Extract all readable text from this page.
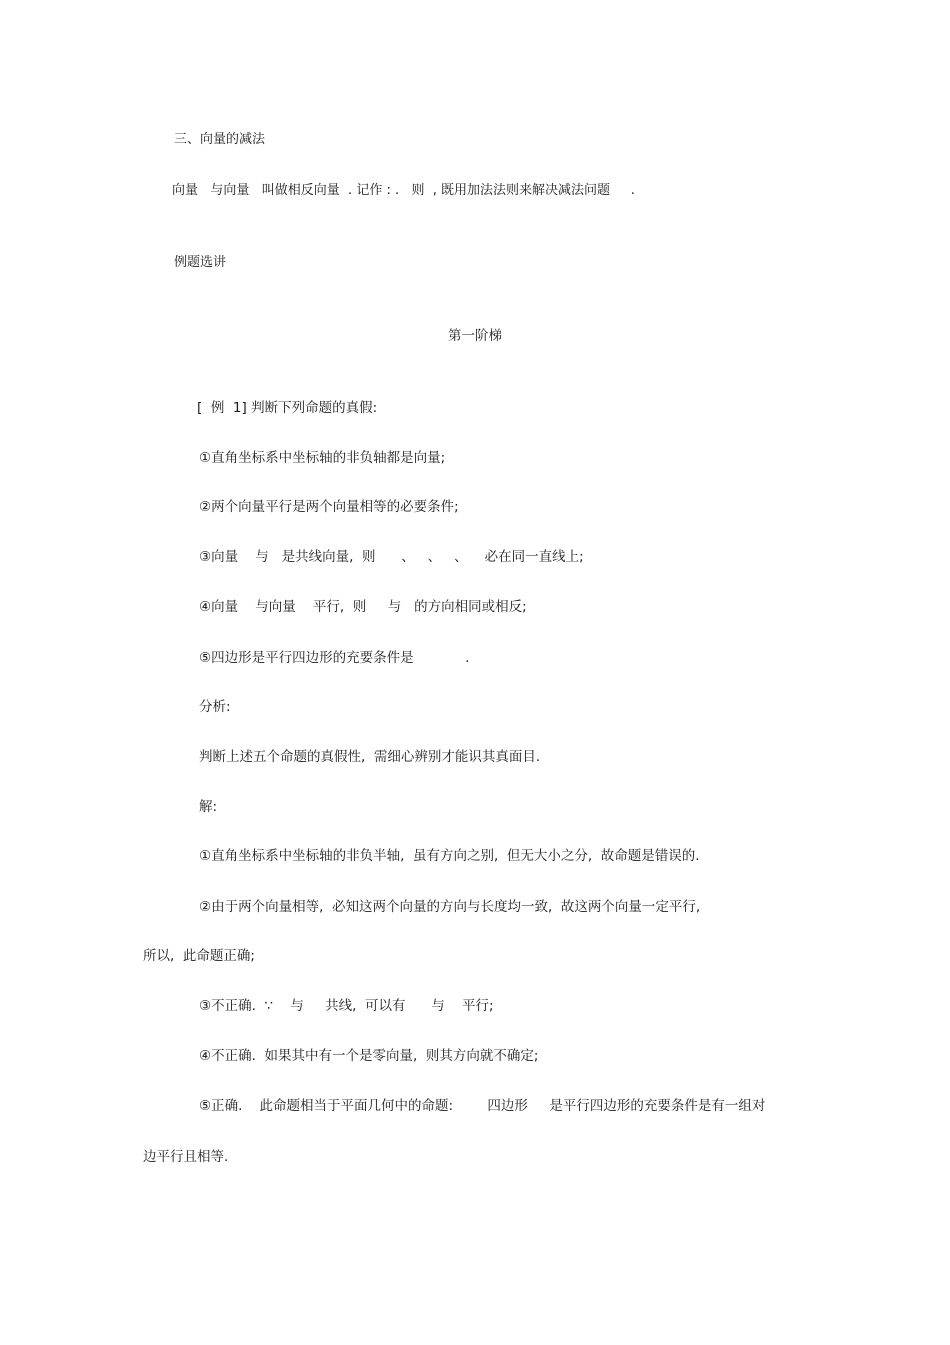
三、向量的减法
向量   与向量   叫做相反向量  . 记作 : .   则  , 既用加法法则来解决减法问题     .
例题选讲
第一阶梯
[  例  1] 判断下列命题的真假:
①直角坐标系中坐标轴的非负轴都是向量;
②两个向量平行是两个向量相等的必要条件;
③向量    与   是共线向量,  则      、   、   、    必在同一直线上;
④向量    与向量    平行,  则     与   的方向相同或相反;
⑤四边形是平行四边形的充要条件是            .
分析:
判断上述五个命题的真假性,  需细心辨别才能识其真面目.
解:
①直角坐标系中坐标轴的非负半轴,  虽有方向之别,  但无大小之分,  故命题是错误的.
②由于两个向量相等,  必知这两个向量的方向与长度均一致,  故这两个向量一定平行,
所以,  此命题正确;
③不正确.  ∵    与     共线,  可以有      与    平行;
④不正确.  如果其中有一个是零向量,  则其方向就不确定;
⑤正确.    此命题相当于平面几何中的命题:        四边形     是平行四边形的充要条件是有一组对
边平行且相等.
